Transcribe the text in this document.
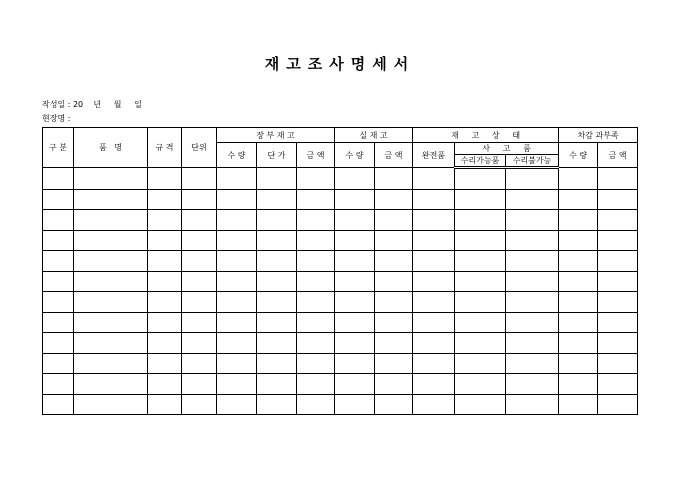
재고조사명세서
작성일 : 20    년     월     일
현장명 :
구 분	품   명	규 격	단위	장 부 재 고			실 재 고		재     고     상     태			차감 과부족	
				수 량	단 가	금 액	수 량	금 액	완전품	사     고     품		수 량	금 액
										수리가능품	수리불가능		
